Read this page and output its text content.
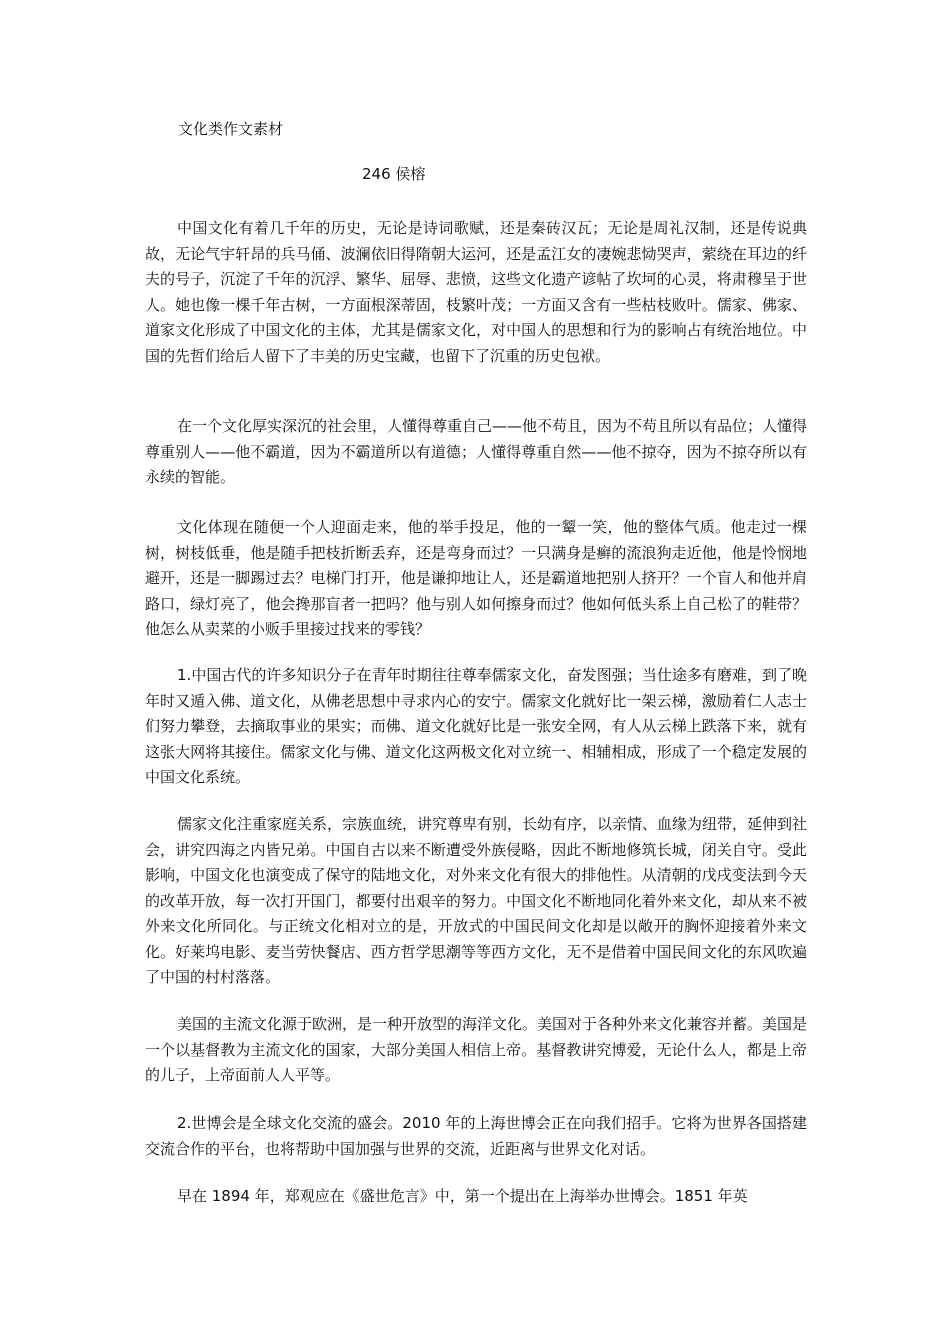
文化类作文素材
246 侯榕

中国文化有着几千年的历史，无论是诗词歌赋，还是秦砖汉瓦；无论是周礼汉制，还是传说典故，无论气宇轩昂的兵马俑、波澜依旧得隋朝大运河，还是孟江女的凄婉悲恸哭声，萦绕在耳边的纤夫的号子，沉淀了千年的沉浮、繁华、屈辱、悲愤，这些文化遗产谚帖了坎坷的心灵，将肃穆呈于世人。她也像一棵千年古树，一方面根深蒂固，枝繁叶茂；一方面又含有一些枯枝败叶。儒家、佛家、道家文化形成了中国文化的主体，尤其是儒家文化，对中国人的思想和行为的影响占有统治地位。中国的先哲们给后人留下了丰美的历史宝藏，也留下了沉重的历史包袱。

在一个文化厚实深沉的社会里，人懂得尊重自己——他不苟且，因为不苟且所以有品位；人懂得尊重别人——他不霸道，因为不霸道所以有道德；人懂得尊重自然——他不掠夺，因为不掠夺所以有永续的智能。

文化体现在随便一个人迎面走来，他的举手投足，他的一颦一笑，他的整体气质。他走过一棵树，树枝低垂，他是随手把枝折断丢弃，还是弯身而过？一只满身是癣的流浪狗走近他，他是怜悯地避开，还是一脚踢过去？电梯门打开，他是谦抑地让人，还是霸道地把别人挤开？一个盲人和他并肩路口，绿灯亮了，他会搀那盲者一把吗？他与别人如何擦身而过？他如何低头系上自己松了的鞋带？他怎么从卖菜的小贩手里接过找来的零钱？

1.中国古代的许多知识分子在青年时期往往尊奉儒家文化，奋发图强；当仕途多有磨难，到了晚年时又遁入佛、道文化，从佛老思想中寻求内心的安宁。儒家文化就好比一架云梯，激励着仁人志士们努力攀登，去摘取事业的果实；而佛、道文化就好比是一张安全网，有人从云梯上跌落下来，就有这张大网将其接住。儒家文化与佛、道文化这两极文化对立统一、相辅相成，形成了一个稳定发展的中国文化系统。

儒家文化注重家庭关系，宗族血统，讲究尊卑有别，长幼有序，以亲情、血缘为纽带，延伸到社会，讲究四海之内皆兄弟。中国自古以来不断遭受外族侵略，因此不断地修筑长城，闭关自守。受此影响，中国文化也演变成了保守的陆地文化，对外来文化有很大的排他性。从清朝的戊戌变法到今天的改革开放，每一次打开国门，都要付出艰辛的努力。中国文化不断地同化着外来文化，却从来不被外来文化所同化。与正统文化相对立的是，开放式的中国民间文化却是以敞开的胸怀迎接着外来文化。好莱坞电影、麦当劳快餐店、西方哲学思潮等等西方文化，无不是借着中国民间文化的东风吹遍了中国的村村落落。

美国的主流文化源于欧洲，是一种开放型的海洋文化。美国对于各种外来文化兼容并蓄。美国是一个以基督教为主流文化的国家，大部分美国人相信上帝。基督教讲究博爱，无论什么人，都是上帝的儿子，上帝面前人人平等。

2.世博会是全球文化交流的盛会。2010 年的上海世博会正在向我们招手。它将为世界各国搭建交流合作的平台，也将帮助中国加强与世界的交流，近距离与世界文化对话。

早在 1894 年，郑观应在《盛世危言》中，第一个提出在上海举办世博会。1851 年英
